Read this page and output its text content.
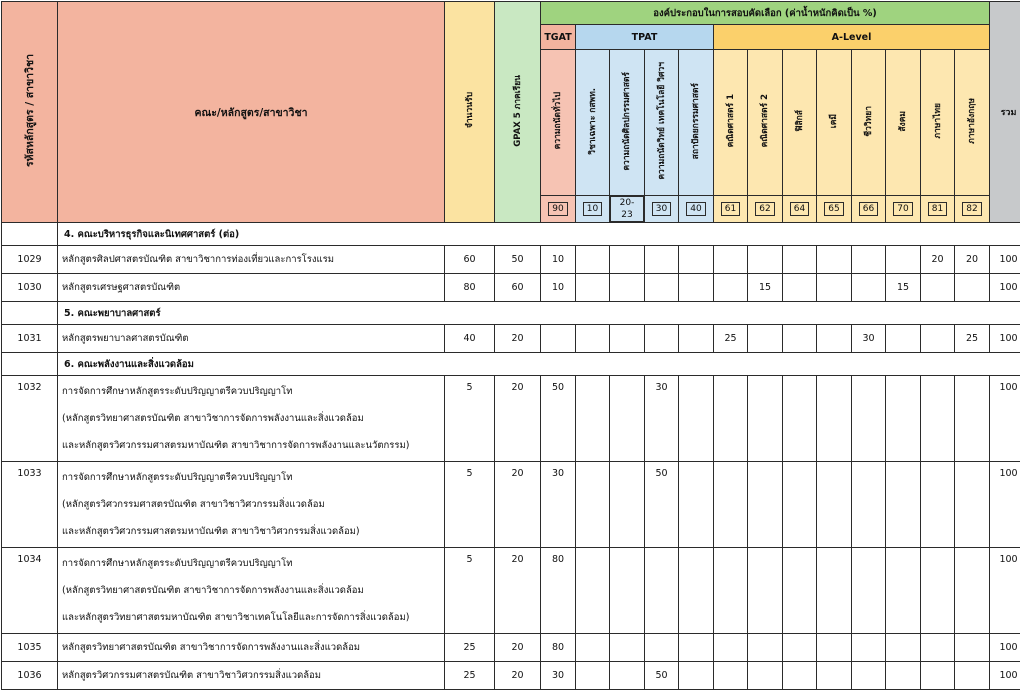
รหัสหลักสูตร / สาขาวิชา	คณะ/หลักสูตร/สาขาวิชา	จำนวนรับ	GPAX 5 ภาคเรียน	องค์ประกอบในการสอบคัดเลือก (ค่าน้ำหนักคิดเป็น %)													รวม
				TGAT	TPAT				A-Level								
				ความถนัดทั่วไป	วิชาเฉพาะ กสพท.	ความถนัดศิลปกรรมศาสตร์	ความถนัดวิทย์ เทคโนโลยี วิศวฯ	สถาปัตยกรรมศาสตร์	คณิตศาสตร์ 1	คณิตศาสตร์ 2	ฟิสิกส์	เคมี	ชีววิทยา	สังคม	ภาษาไทย	ภาษาอังกฤษ	
				90	10	20-23	30	40	61	62	64	65	66	70	81	82	
	4. คณะบริหารธุรกิจและนิเทศศาสตร์ (ต่อ)																
1029	หลักสูตรศิลปศาสตรบัณฑิต สาขาวิชาการท่องเที่ยวและการโรงแรม	60	50	10											20	20	100
1030	หลักสูตรเศรษฐศาสตรบัณฑิต	80	60	10						15				15			100
	5. คณะพยาบาลศาสตร์																
1031	หลักสูตรพยาบาลศาสตรบัณฑิต	40	20						25				30			25	100
	6. คณะพลังงานและสิ่งแวดล้อม																
1032	การจัดการศึกษาหลักสูตรระดับปริญญาตรีควบปริญญาโท
(หลักสูตรวิทยาศาสตรบัณฑิต สาขาวิชาการจัดการพลังงานและสิ่งแวดล้อม
และหลักสูตรวิศวกรรมศาสตรมหาบัณฑิต สาขาวิชาการจัดการพลังงานและนวัตกรรม)	5	20	50			30										100
1033	การจัดการศึกษาหลักสูตรระดับปริญญาตรีควบปริญญาโท
(หลักสูตรวิศวกรรมศาสตรบัณฑิต สาขาวิชาวิศวกรรมสิ่งแวดล้อม
และหลักสูตรวิศวกรรมศาสตรมหาบัณฑิต สาขาวิชาวิศวกรรมสิ่งแวดล้อม)	5	20	30			50										100
1034	การจัดการศึกษาหลักสูตรระดับปริญญาตรีควบปริญญาโท
(หลักสูตรวิทยาศาสตรบัณฑิต สาขาวิชาการจัดการพลังงานและสิ่งแวดล้อม
และหลักสูตรวิทยาศาสตรมหาบัณฑิต สาขาวิชาเทคโนโลยีและการจัดการสิ่งแวดล้อม)	5	20	80													100
1035	หลักสูตรวิทยาศาสตรบัณฑิต สาขาวิชาการจัดการพลังงานและสิ่งแวดล้อม	25	20	80													100
1036	หลักสูตรวิศวกรรมศาสตรบัณฑิต สาขาวิชาวิศวกรรมสิ่งแวดล้อม	25	20	30			50										100
